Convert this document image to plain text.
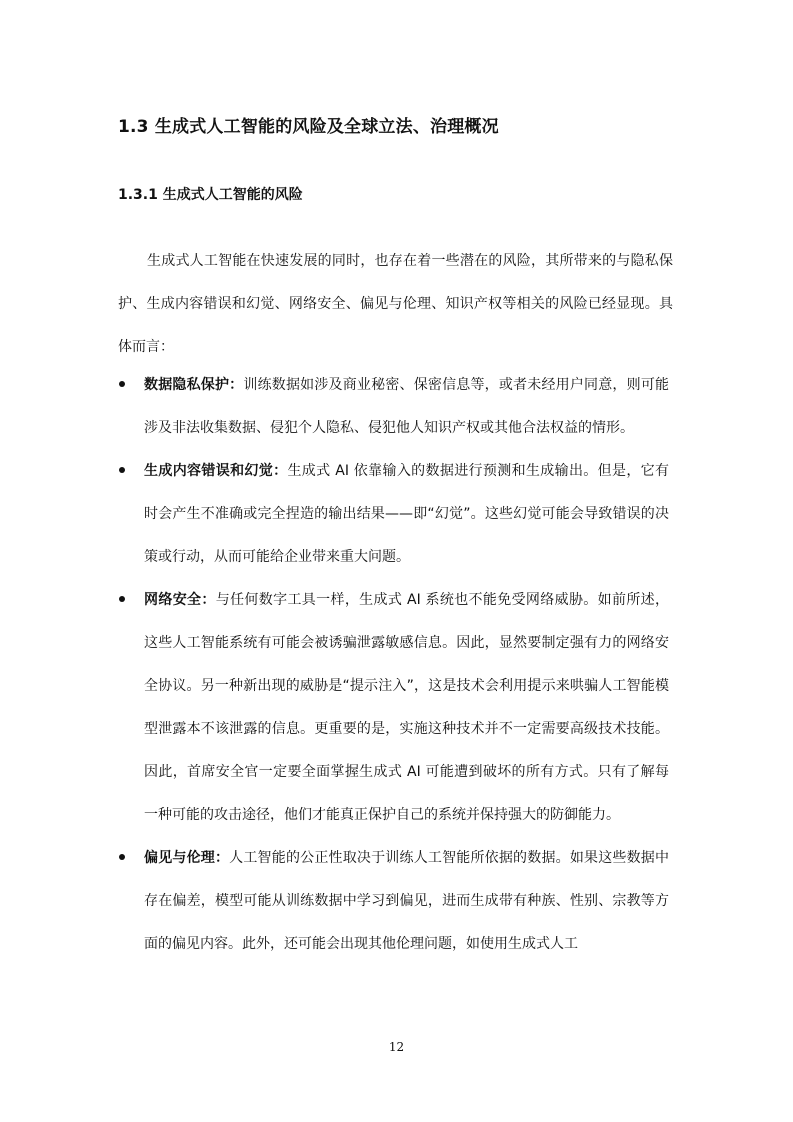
1.3 生成式人工智能的风险及全球立法、治理概况
1.3.1 生成式人工智能的风险

生成式人工智能在快速发展的同时，也存在着一些潜在的风险，其所带来的与隐私保护、生成内容错误和幻觉、网络安全、偏见与伦理、知识产权等相关的风险已经显现。具体而言：

数据隐私保护：训练数据如涉及商业秘密、保密信息等，或者未经用户同意，则可能涉及非法收集数据、侵犯个人隐私、侵犯他人知识产权或其他合法权益的情形。

生成内容错误和幻觉：生成式 AI 依靠输入的数据进行预测和生成输出。但是，它有时会产生不准确或完全捏造的输出结果——即“幻觉”。这些幻觉可能会导致错误的决策或行动，从而可能给企业带来重大问题。

网络安全：与任何数字工具一样，生成式 AI 系统也不能免受网络威胁。如前所述，这些人工智能系统有可能会被诱骗泄露敏感信息。因此，显然要制定强有力的网络安全协议。另一种新出现的威胁是“提示注入”，这是技术会利用提示来哄骗人工智能模型泄露本不该泄露的信息。更重要的是，实施这种技术并不一定需要高级技术技能。因此，首席安全官一定要全面掌握生成式 AI 可能遭到破坏的所有方式。只有了解每一种可能的攻击途径，他们才能真正保护自己的系统并保持强大的防御能力。

偏见与伦理：人工智能的公正性取决于训练人工智能所依据的数据。如果这些数据中存在偏差，模型可能从训练数据中学习到偏见，进而生成带有种族、性别、宗教等方面的偏见内容。此外，还可能会出现其他伦理问题，如使用生成式人工

12
